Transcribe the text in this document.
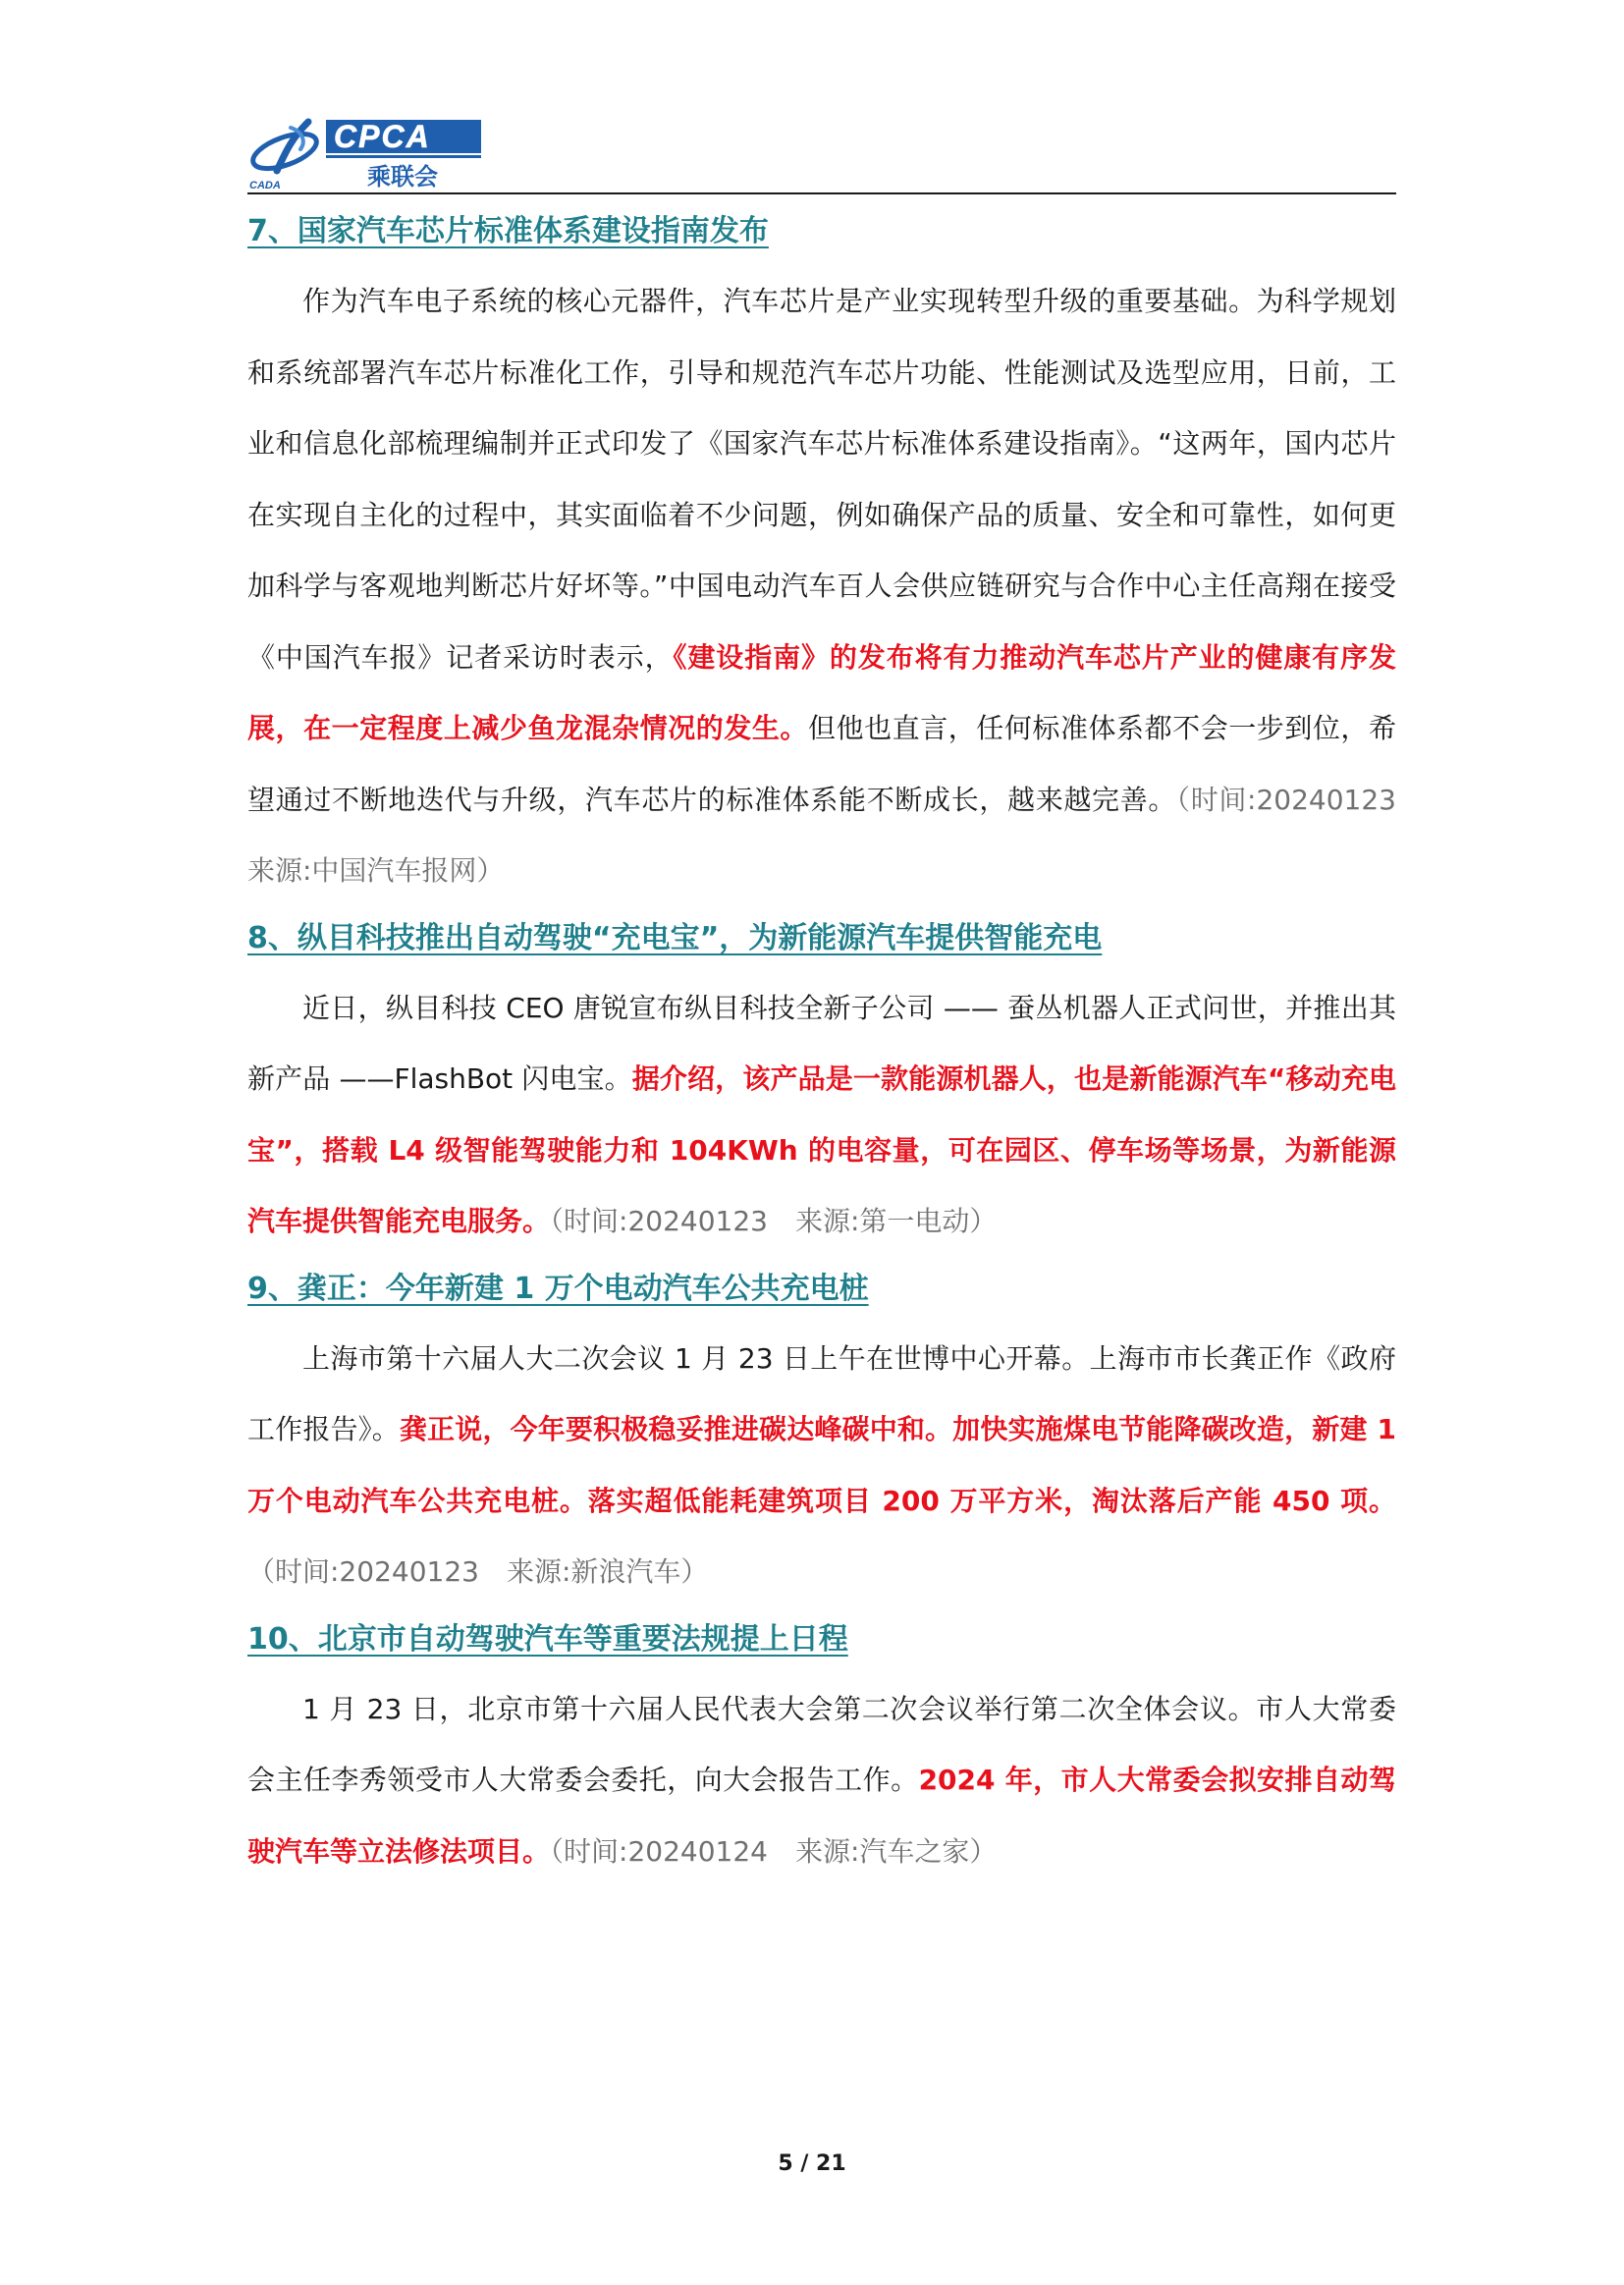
CADA
CPCA
乘联会
7、国家汽车芯片标准体系建设指南发布

作为汽车电子系统的核心元器件，汽车芯片是产业实现转型升级的重要基础。为科学规划和系统部署汽车芯片标准化工作，引导和规范汽车芯片功能、性能测试及选型应用，日前，工业和信息化部梳理编制并正式印发了《国家汽车芯片标准体系建设指南》。“这两年，国内芯片在实现自主化的过程中，其实面临着不少问题，例如确保产品的质量、安全和可靠性，如何更加科学与客观地判断芯片好坏等。”中国电动汽车百人会供应链研究与合作中心主任高翔在接受《中国汽车报》记者采访时表示，《建设指南》的发布将有力推动汽车芯片产业的健康有序发展，在一定程度上减少鱼龙混杂情况的发生。但他也直言，任何标准体系都不会一步到位，希望通过不断地迭代与升级，汽车芯片的标准体系能不断成长，越来越完善。（时间:20240123　来源:中国汽车报网）

8、纵目科技推出自动驾驶“充电宝”，为新能源汽车提供智能充电

近日，纵目科技 CEO 唐锐宣布纵目科技全新子公司 —— 蚕丛机器人正式问世，并推出其新产品 ——FlashBot 闪电宝。据介绍，该产品是一款能源机器人，也是新能源汽车“移动充电宝”，搭载 L4 级智能驾驶能力和 104KWh 的电容量，可在园区、停车场等场景，为新能源汽车提供智能充电服务。（时间:20240123　来源:第一电动）

9、龚正：今年新建 1 万个电动汽车公共充电桩

上海市第十六届人大二次会议 1 月 23 日上午在世博中心开幕。上海市市长龚正作《政府工作报告》。龚正说，今年要积极稳妥推进碳达峰碳中和。加快实施煤电节能降碳改造，新建 1 万个电动汽车公共充电桩。落实超低能耗建筑项目 200 万平方米，淘汰落后产能 450 项。（时间:20240123　来源:新浪汽车）

10、北京市自动驾驶汽车等重要法规提上日程

1 月 23 日，北京市第十六届人民代表大会第二次会议举行第二次全体会议。市人大常委会主任李秀领受市人大常委会委托，向大会报告工作。2024 年，市人大常委会拟安排自动驾驶汽车等立法修法项目。（时间:20240124　来源:汽车之家）

5 / 21
